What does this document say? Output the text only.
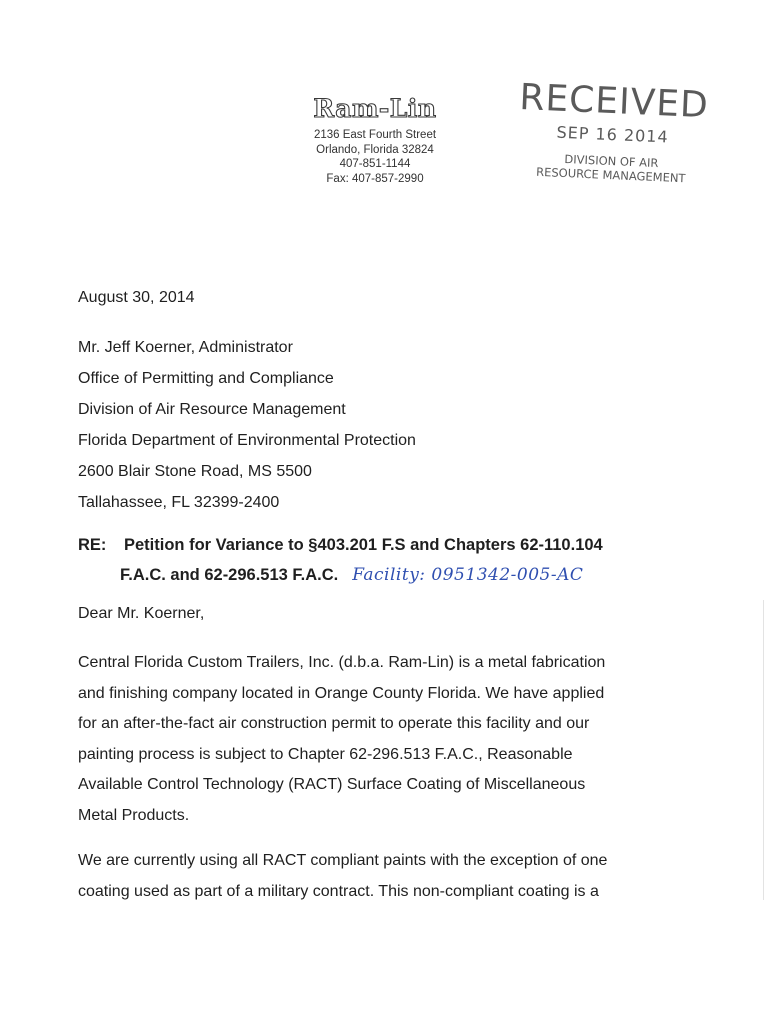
Ram-Lin
2136 East Fourth Street
Orlando, Florida 32824
407-851-1144
Fax: 407-857-2990
RECEIVED
SEP 16 2014
DIVISION OF AIR
RESOURCE MANAGEMENT
August 30, 2014
Mr. Jeff Koerner, Administrator
Office of Permitting and Compliance
Division of Air Resource Management
Florida Department of Environmental Protection
2600 Blair Stone Road, MS 5500
Tallahassee, FL 32399-2400
RE: Petition for Variance to §403.201 F.S and Chapters 62-110.104
F.A.C. and 62-296.513 F.A.C. Facility: 0951342-005-AC
Dear Mr. Koerner,
Central Florida Custom Trailers, Inc. (d.b.a. Ram-Lin) is a metal fabrication
and finishing company located in Orange County Florida. We have applied
for an after-the-fact air construction permit to operate this facility and our
painting process is subject to Chapter 62-296.513 F.A.C., Reasonable
Available Control Technology (RACT) Surface Coating of Miscellaneous
Metal Products.
We are currently using all RACT compliant paints with the exception of one
coating used as part of a military contract. This non-compliant coating is a
